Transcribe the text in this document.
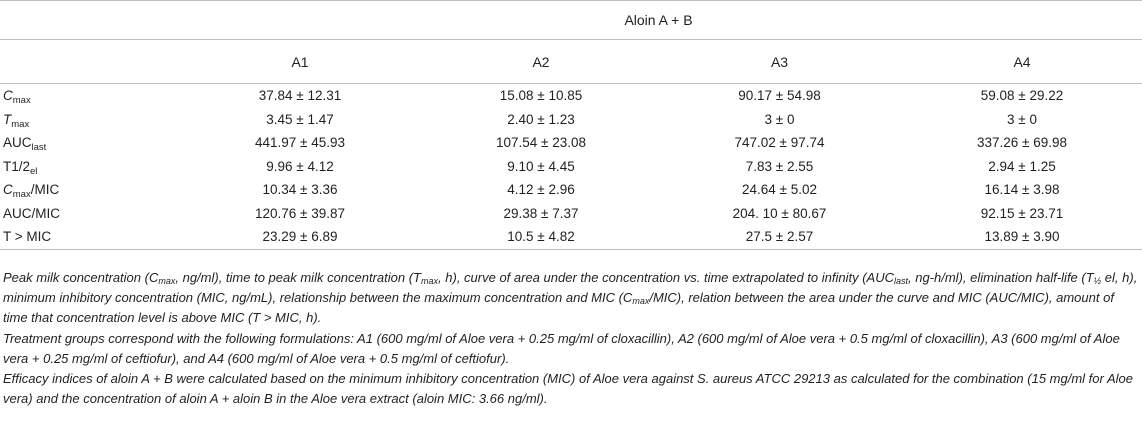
	Aloin A + B			
	A1	A2	A3	A4
$C_{max}$	37.84 ± 12.31	15.08 ± 10.85	90.17 ± 54.98	59.08 ± 29.22
$T_{max}$	3.45 ± 1.47	2.40 ± 1.23	3 ± 0	3 ± 0
$AUC_{last}$	441.97 ± 45.93	107.54 ± 23.08	747.02 ± 97.74	337.26 ± 69.98
$T1/2_{el}$	9.96 ± 4.12	9.10 ± 4.45	7.83 ± 2.55	2.94 ± 1.25
$C_{max}$/MIC	10.34 ± 3.36	4.12 ± 2.96	24.64 ± 5.02	16.14 ± 3.98
AUC/MIC	120.76 ± 39.87	29.38 ± 7.37	204. 10 ± 80.67	92.15 ± 23.71
T > MIC	23.29 ± 6.89	10.5 ± 4.82	27.5 ± 2.57	13.89 ± 3.90

Peak milk concentration ($C_{max}$, ng/ml), time to peak milk concentration ($T_{max}$, h), curve of area under the concentration vs. time extrapolated to infinity ($AUC_{last}$, ng-h/ml), elimination half-life ($T_{\frac{1}{2}}$ el, h), minimum inhibitory concentration (MIC, ng/mL), relationship between the maximum concentration and MIC $(C_{max}/MIC)$, relation between the area under the curve and MIC (AUC/MIC), amount of time that concentration level is above MIC (T > MIC, h).

Treatment groups correspond with the following formulations: A1 (600 mg/ml of Aloe vera + 0.25 mg/ml of cloxacillin), A2 (600 mg/ml of Aloe vera + 0.5 mg/ml of cloxacillin), A3 (600 mg/ml of Aloe vera + 0.25 mg/ml of ceftiofur), and A4 (600 mg/ml of Aloe vera + 0.5 mg/ml of ceftiofur).

Efficacy indices of aloin A + B were calculated based on the minimum inhibitory concentration (MIC) of Aloe vera against S. aureus ATCC 29213 as calculated for the combination (15 mg/ml for Aloe vera) and the concentration of aloin A + aloin B in the Aloe vera extract (aloin MIC: 3.66 ng/ml).
